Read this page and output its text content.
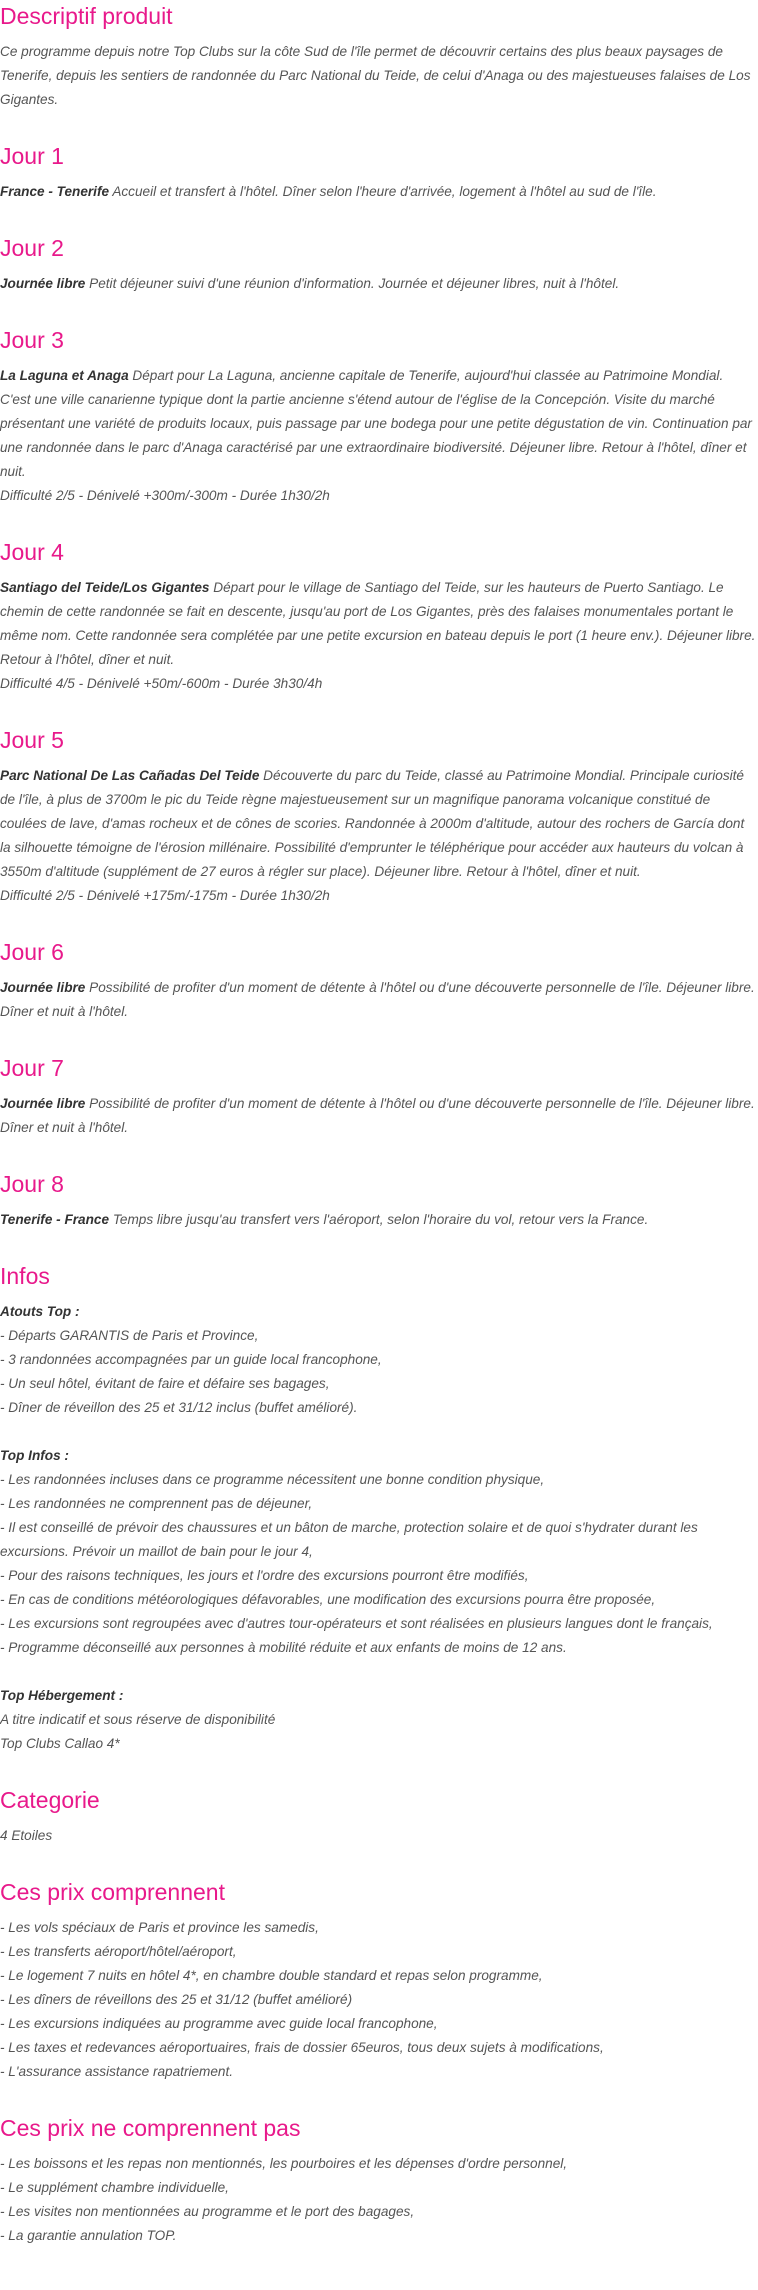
Descriptif produit

Ce programme depuis notre Top Clubs sur la côte Sud de l'île permet de découvrir certains des plus beaux paysages de Tenerife, depuis les sentiers de randonnée du Parc National du Teide, de celui d'Anaga ou des majestueuses falaises de Los Gigantes.

Jour 1

France - Tenerife Accueil et transfert à l'hôtel. Dîner selon l'heure d'arrivée, logement à l'hôtel au sud de l'île.

Jour 2

Journée libre Petit déjeuner suivi d'une réunion d'information. Journée et déjeuner libres, nuit à l'hôtel.

Jour 3

La Laguna et Anaga Départ pour La Laguna, ancienne capitale de Tenerife, aujourd'hui classée au Patrimoine Mondial. C'est une ville canarienne typique dont la partie ancienne s'étend autour de l'église de la Concepción. Visite du marché présentant une variété de produits locaux, puis passage par une bodega pour une petite dégustation de vin. Continuation par une randonnée dans le parc d'Anaga caractérisé par une extraordinaire biodiversité. Déjeuner libre. Retour à l'hôtel, dîner et nuit.
Difficulté 2/5 - Dénivelé +300m/-300m - Durée 1h30/2h

Jour 4

Santiago del Teide/Los Gigantes Départ pour le village de Santiago del Teide, sur les hauteurs de Puerto Santiago. Le chemin de cette randonnée se fait en descente, jusqu'au port de Los Gigantes, près des falaises monumentales portant le même nom. Cette randonnée sera complétée par une petite excursion en bateau depuis le port (1 heure env.). Déjeuner libre. Retour à l'hôtel, dîner et nuit.
Difficulté 4/5 - Dénivelé +50m/-600m - Durée 3h30/4h

Jour 5

Parc National De Las Cañadas Del Teide Découverte du parc du Teide, classé au Patrimoine Mondial. Principale curiosité de l'île, à plus de 3700m le pic du Teide règne majestueusement sur un magnifique panorama volcanique constitué de coulées de lave, d'amas rocheux et de cônes de scories. Randonnée à 2000m d'altitude, autour des rochers de García dont la silhouette témoigne de l'érosion millénaire. Possibilité d'emprunter le téléphérique pour accéder aux hauteurs du volcan à 3550m d'altitude (supplément de 27 euros à régler sur place). Déjeuner libre. Retour à l'hôtel, dîner et nuit.
Difficulté 2/5 - Dénivelé +175m/-175m - Durée 1h30/2h

Jour 6

Journée libre Possibilité de profiter d'un moment de détente à l'hôtel ou d'une découverte personnelle de l'île. Déjeuner libre. Dîner et nuit à l'hôtel.

Jour 7

Journée libre Possibilité de profiter d'un moment de détente à l'hôtel ou d'une découverte personnelle de l'île. Déjeuner libre. Dîner et nuit à l'hôtel.

Jour 8

Tenerife - France Temps libre jusqu'au transfert vers l'aéroport, selon l'horaire du vol, retour vers la France.

Infos

Atouts Top :
- Départs GARANTIS de Paris et Province,
- 3 randonnées accompagnées par un guide local francophone,
- Un seul hôtel, évitant de faire et défaire ses bagages,
- Dîner de réveillon des 25 et 31/12 inclus (buffet amélioré).

Top Infos :
- Les randonnées incluses dans ce programme nécessitent une bonne condition physique,
- Les randonnées ne comprennent pas de déjeuner,
- Il est conseillé de prévoir des chaussures et un bâton de marche, protection solaire et de quoi s'hydrater durant les excursions. Prévoir un maillot de bain pour le jour 4,
- Pour des raisons techniques, les jours et l'ordre des excursions pourront être modifiés,
- En cas de conditions météorologiques défavorables, une modification des excursions pourra être proposée,
- Les excursions sont regroupées avec d'autres tour-opérateurs et sont réalisées en plusieurs langues dont le français,
- Programme déconseillé aux personnes à mobilité réduite et aux enfants de moins de 12 ans.

Top Hébergement :
A titre indicatif et sous réserve de disponibilité
Top Clubs Callao 4*

Categorie

4 Etoiles

Ces prix comprennent

- Les vols spéciaux de Paris et province les samedis,
- Les transferts aéroport/hôtel/aéroport,
- Le logement 7 nuits en hôtel 4*, en chambre double standard et repas selon programme,
- Les dîners de réveillons des 25 et 31/12 (buffet amélioré)
- Les excursions indiquées au programme avec guide local francophone,
- Les taxes et redevances aéroportuaires, frais de dossier 65euros, tous deux sujets à modifications,
- L'assurance assistance rapatriement.

Ces prix ne comprennent pas

- Les boissons et les repas non mentionnés, les pourboires et les dépenses d'ordre personnel,
- Le supplément chambre individuelle,
- Les visites non mentionnées au programme et le port des bagages,
- La garantie annulation TOP.
